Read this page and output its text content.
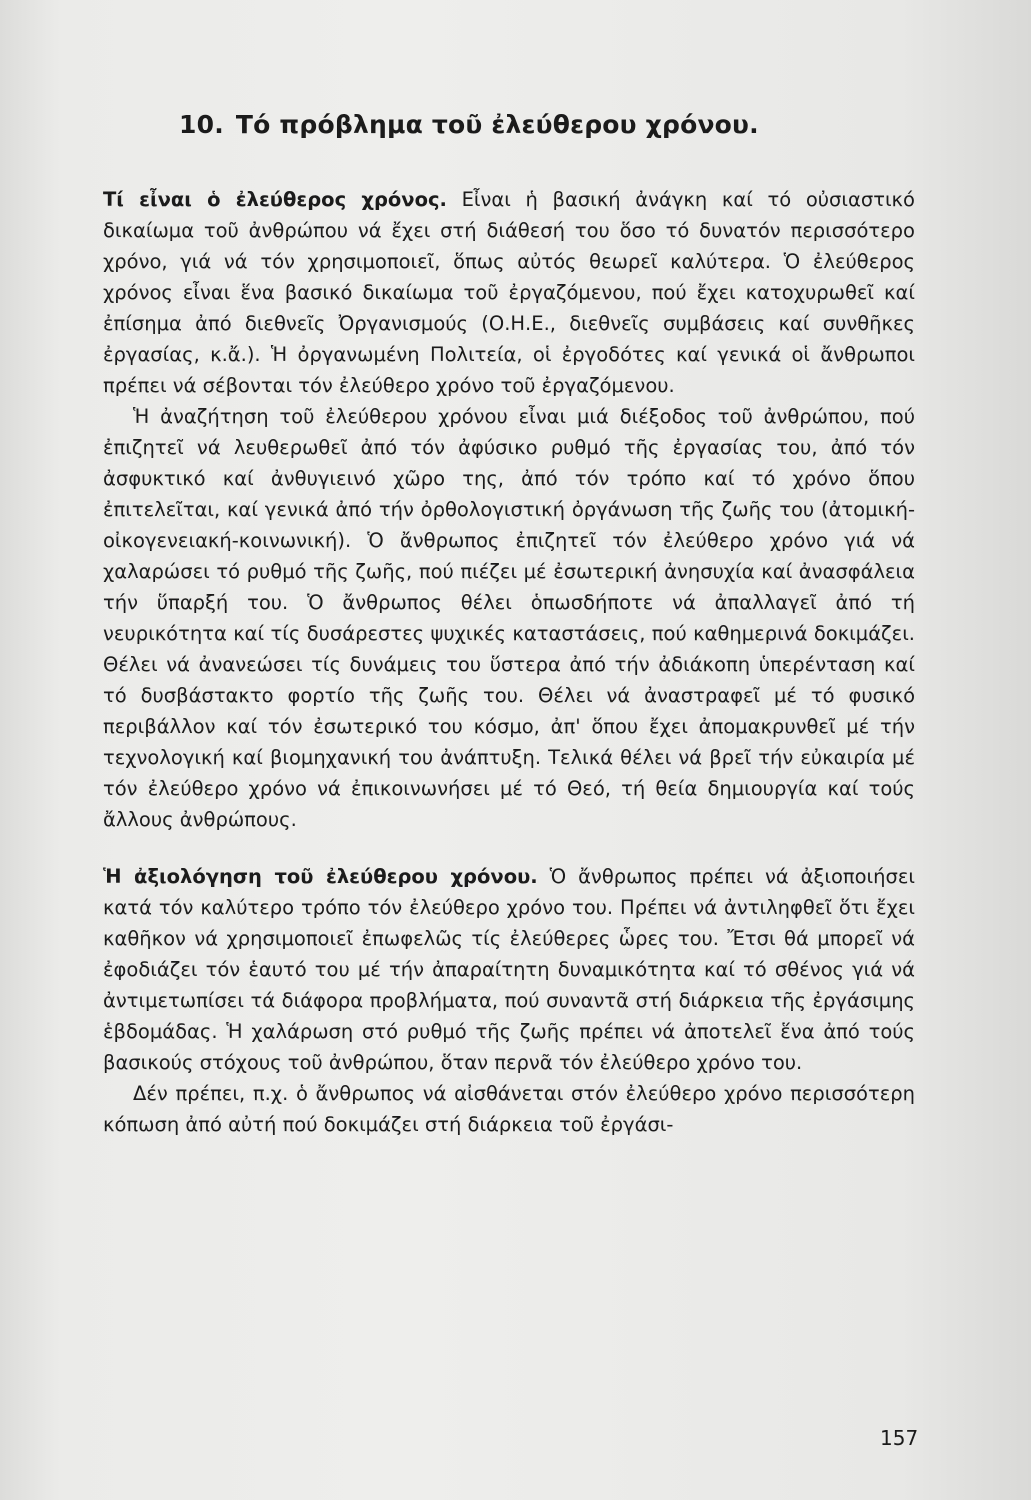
10. Τό πρόβλημα τοῦ ἐλεύθερου χρόνου.

Τί εἶναι ὁ ἐλεύθερος χρόνος. Εἶναι ἡ βασική ἀνάγκη καί τό οὐσιαστικό δικαίωμα τοῦ ἀνθρώπου νά ἔχει στή διάθεσή του ὅσο τό δυνατόν περισσότερο χρόνο, γιά νά τόν χρησιμοποιεῖ, ὅπως αὐτός θεωρεῖ καλύτερα. Ὁ ἐλεύθερος χρόνος εἶναι ἕνα βασικό δικαίωμα τοῦ ἐργαζόμενου, πού ἔχει κατοχυρωθεῖ καί ἐπίσημα ἀπό διεθνεῖς Ὀργανισμούς (Ο.Η.Ε., διεθνεῖς συμβάσεις καί συνθῆκες ἐργασίας, κ.ἄ.). Ἡ ὀργανωμένη Πολιτεία, οἱ ἐργοδότες καί γενικά οἱ ἄνθρωποι πρέπει νά σέβονται τόν ἐλεύθερο χρόνο τοῦ ἐργαζόμενου.

Ἡ ἀναζήτηση τοῦ ἐλεύθερου χρόνου εἶναι μιά διέξοδος τοῦ ἀνθρώπου, πού ἐπιζητεῖ νά λευθερωθεῖ ἀπό τόν ἀφύσικο ρυθμό τῆς ἐργασίας του, ἀπό τόν ἀσφυκτικό καί ἀνθυγιεινό χῶρο της, ἀπό τόν τρόπο καί τό χρόνο ὅπου ἐπιτελεῖται, καί γενικά ἀπό τήν ὀρθολογιστική ὀργάνωση τῆς ζωῆς του (ἀτομική-οἰκογενειακή-κοινωνική). Ὁ ἄνθρωπος ἐπιζητεῖ τόν ἐλεύθερο χρόνο γιά νά χαλαρώσει τό ρυθμό τῆς ζωῆς, πού πιέζει μέ ἐσωτερική ἀνησυχία καί ἀνασφάλεια τήν ὕπαρξή του. Ὁ ἄνθρωπος θέλει ὁπωσδήποτε νά ἀπαλλαγεῖ ἀπό τή νευρικότητα καί τίς δυσάρεστες ψυχικές καταστάσεις, πού καθημερινά δοκιμάζει. Θέλει νά ἀνανεώσει τίς δυνάμεις του ὕστερα ἀπό τήν ἀδιάκοπη ὑπερένταση καί τό δυσβάστακτο φορτίο τῆς ζωῆς του. Θέλει νά ἀναστραφεῖ μέ τό φυσικό περιβάλλον καί τόν ἐσωτερικό του κόσμο, ἀπ' ὅπου ἔχει ἀπομακρυνθεῖ μέ τήν τεχνολογική καί βιομηχανική του ἀνάπτυξη. Τελικά θέλει νά βρεῖ τήν εὐκαιρία μέ τόν ἐλεύθερο χρόνο νά ἐπικοινωνήσει μέ τό Θεό, τή θεία δημιουργία καί τούς ἄλλους ἀνθρώπους.

Ἡ ἀξιολόγηση τοῦ ἐλεύθερου χρόνου. Ὁ ἄνθρωπος πρέπει νά ἀξιοποιήσει κατά τόν καλύτερο τρόπο τόν ἐλεύθερο χρόνο του. Πρέπει νά ἀντιληφθεῖ ὅτι ἔχει καθῆκον νά χρησιμοποιεῖ ἐπωφελῶς τίς ἐλεύθερες ὧρες του. Ἔτσι θά μπορεῖ νά ἐφοδιάζει τόν ἑαυτό του μέ τήν ἀπαραίτητη δυναμικότητα καί τό σθένος γιά νά ἀντιμετωπίσει τά διάφορα προβλήματα, πού συναντᾶ στή διάρκεια τῆς ἐργάσιμης ἑβδομάδας. Ἡ χαλάρωση στό ρυθμό τῆς ζωῆς πρέπει νά ἀποτελεῖ ἕνα ἀπό τούς βασικούς στόχους τοῦ ἀνθρώπου, ὅταν περνᾶ τόν ἐλεύθερο χρόνο του.

Δέν πρέπει, π.χ. ὁ ἄνθρωπος νά αἰσθάνεται στόν ἐλεύθερο χρόνο περισσότερη κόπωση ἀπό αὐτή πού δοκιμάζει στή διάρκεια τοῦ ἐργάσι-

157
